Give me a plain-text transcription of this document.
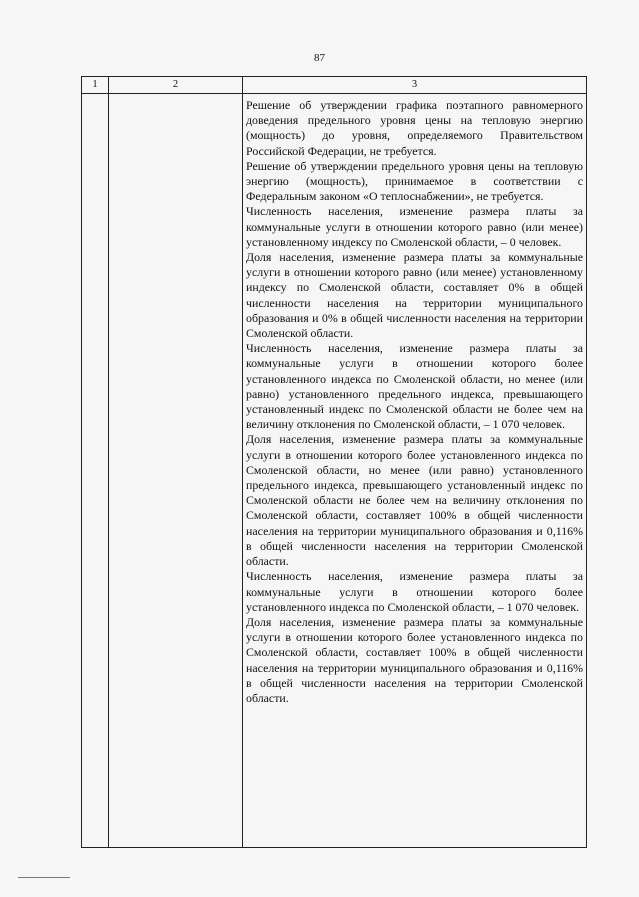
87
1	2	3

Решение об утверждении графика поэтапного равномерного доведения предельного уровня цены на тепловую энергию (мощность) до уровня, определяемого Правительством Российской Федерации, не требуется.

Решение об утверждении предельного уровня цены на тепловую энергию (мощность), принимаемое в соответствии с Федеральным законом «О теплоснабжении», не требуется.

Численность населения, изменение размера платы за коммунальные услуги в отношении которого равно (или менее) установленному индексу по Смоленской области, – 0 человек.

Доля населения, изменение размера платы за коммунальные услуги в отношении которого равно (или менее) установленному индексу по Смоленской области, составляет 0% в общей численности населения на территории муниципального образования и 0% в общей численности населения на территории Смоленской области.

Численность населения, изменение размера платы за коммунальные услуги в отношении которого более установленного индекса по Смоленской области, но менее (или равно) установленного предельного индекса, превышающего установленный индекс по Смоленской области не более чем на величину отклонения по Смоленской области, – 1 070 человек.

Доля населения, изменение размера платы за коммунальные услуги в отношении которого более установленного индекса по Смоленской области, но менее (или равно) установленного предельного индекса, превышающего установленный индекс по Смоленской области не более чем на величину отклонения по Смоленской области, составляет 100% в общей численности населения на территории муниципального образования и 0,116% в общей численности населения на территории Смоленской области.

Численность населения, изменение размера платы за коммунальные услуги в отношении которого более установленного индекса по Смоленской области, – 1 070 человек.

Доля населения, изменение размера платы за коммунальные услуги в отношении которого более установленного индекса по Смоленской области, составляет 100% в общей численности населения на территории муниципального образования и 0,116% в общей численности населения на территории Смоленской области.
